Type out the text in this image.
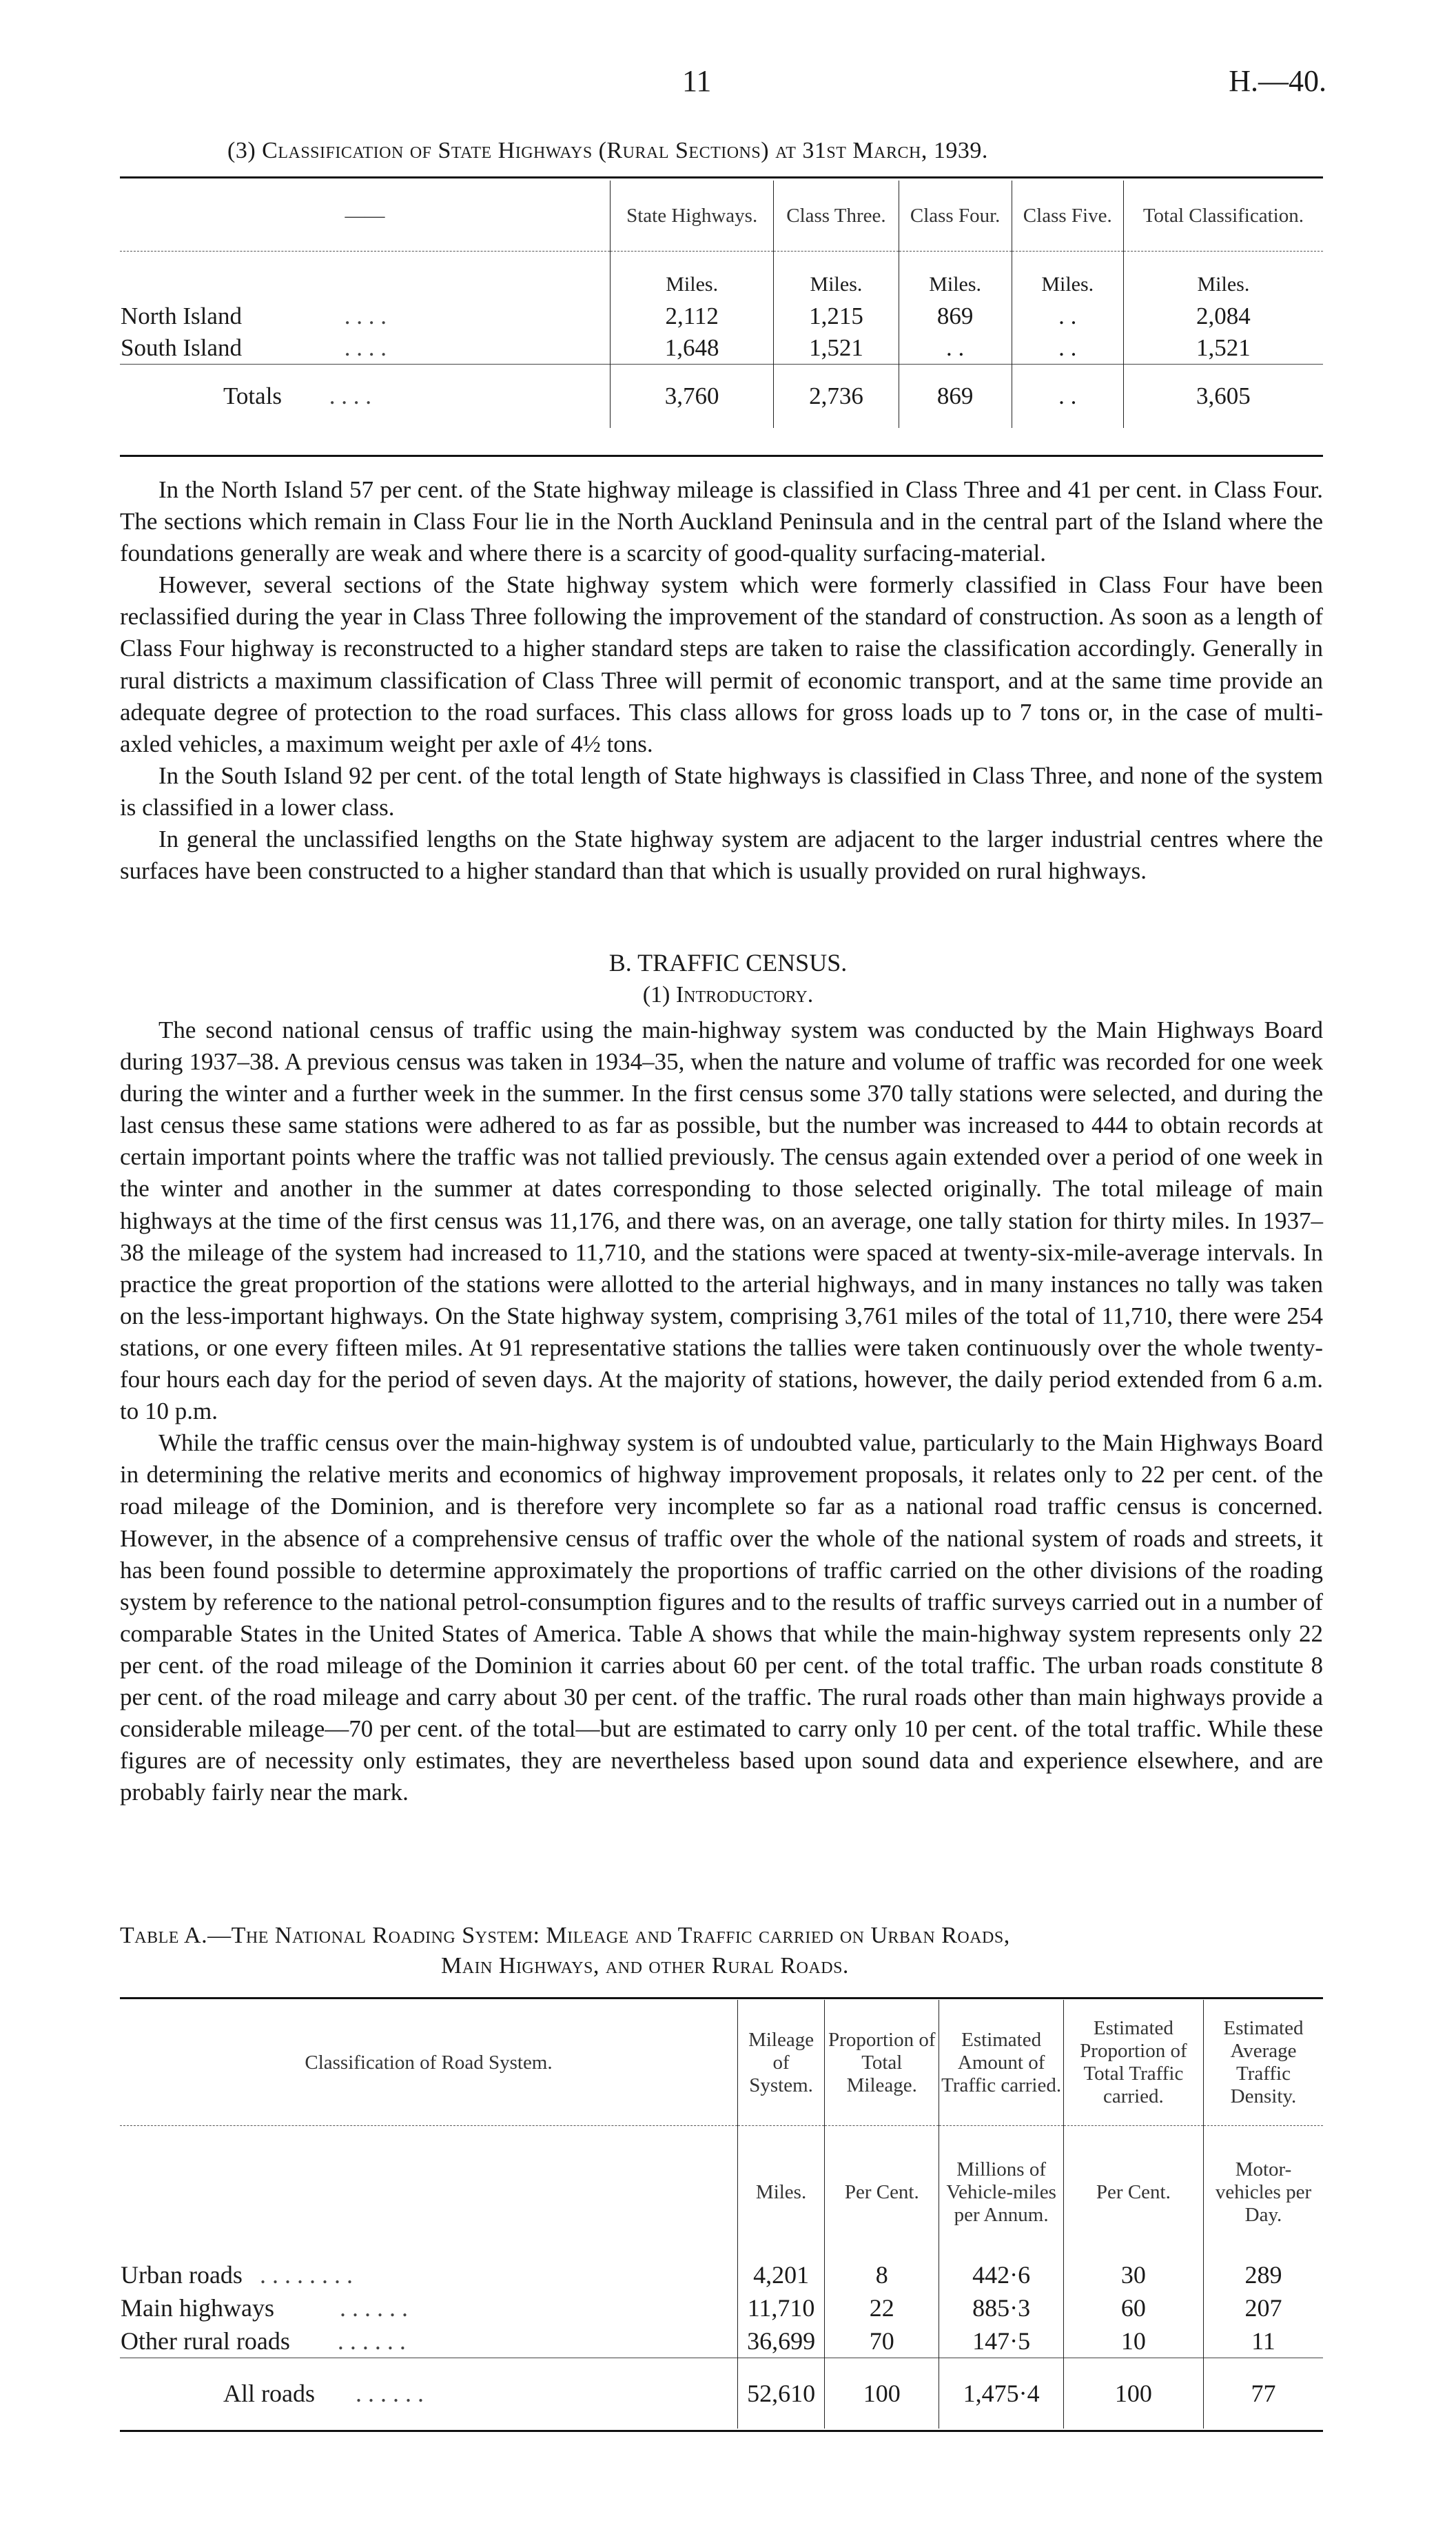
11	H.—40.
(3) Classification of State Highways (Rural Sections) at 31st March, 1939.
——	State Highways.	Class Three.	Class Four.	Class Five.	Total Classification.
	Miles.	Miles.	Miles.	Miles.	Miles.
North Island . . . .	2,112	1,215	869	. .	2,084
South Island . . . .	1,648	1,521	. .	. .	1,521
Totals . . . .	3,760	2,736	869	. .	3,605

In the North Island 57 per cent. of the State highway mileage is classified in Class Three and 41 per cent. in Class Four. The sections which remain in Class Four lie in the North Auckland Peninsula and in the central part of the Island where the foundations generally are weak and where there is a scarcity of good-quality surfacing-material.

However, several sections of the State highway system which were formerly classified in Class Four have been reclassified during the year in Class Three following the improvement of the standard of construction. As soon as a length of Class Four highway is reconstructed to a higher standard steps are taken to raise the classification accordingly. Generally in rural districts a maximum classification of Class Three will permit of economic transport, and at the same time provide an adequate degree of protection to the road surfaces. This class allows for gross loads up to 7 tons or, in the case of multi-axled vehicles, a maximum weight per axle of 4½ tons.

In the South Island 92 per cent. of the total length of State highways is classified in Class Three, and none of the system is classified in a lower class.

In general the unclassified lengths on the State highway system are adjacent to the larger industrial centres where the surfaces have been constructed to a higher standard than that which is usually provided on rural highways.

B. TRAFFIC CENSUS.
(1) Introductory.

The second national census of traffic using the main-highway system was conducted by the Main Highways Board during 1937–38. A previous census was taken in 1934–35, when the nature and volume of traffic was recorded for one week during the winter and a further week in the summer. In the first census some 370 tally stations were selected, and during the last census these same stations were adhered to as far as possible, but the number was increased to 444 to obtain records at certain important points where the traffic was not tallied previously. The census again extended over a period of one week in the winter and another in the summer at dates corresponding to those selected originally. The total mileage of main highways at the time of the first census was 11,176, and there was, on an average, one tally station for thirty miles. In 1937–38 the mileage of the system had increased to 11,710, and the stations were spaced at twenty-six-mile-average intervals. In practice the great proportion of the stations were allotted to the arterial highways, and in many instances no tally was taken on the less-important highways. On the State highway system, comprising 3,761 miles of the total of 11,710, there were 254 stations, or one every fifteen miles. At 91 representative stations the tallies were taken continuously over the whole twenty-four hours each day for the period of seven days. At the majority of stations, however, the daily period extended from 6 a.m. to 10 p.m.

While the traffic census over the main-highway system is of undoubted value, particularly to the Main Highways Board in determining the relative merits and economics of highway improvement proposals, it relates only to 22 per cent. of the road mileage of the Dominion, and is therefore very incomplete so far as a national road traffic census is concerned. However, in the absence of a comprehensive census of traffic over the whole of the national system of roads and streets, it has been found possible to determine approximately the proportions of traffic carried on the other divisions of the roading system by reference to the national petrol-consumption figures and to the results of traffic surveys carried out in a number of comparable States in the United States of America. Table A shows that while the main-highway system represents only 22 per cent. of the road mileage of the Dominion it carries about 60 per cent. of the total traffic. The urban roads constitute 8 per cent. of the road mileage and carry about 30 per cent. of the traffic. The rural roads other than main highways provide a considerable mileage—70 per cent. of the total—but are estimated to carry only 10 per cent. of the total traffic. While these figures are of necessity only estimates, they are nevertheless based upon sound data and experience elsewhere, and are probably fairly near the mark.

Table A.—The National Roading System: Mileage and Traffic carried on Urban Roads,
Main Highways, and other Rural Roads.
Classification of Road System.	Mileage of System.	Proportion of Total Mileage.	Estimated Amount of Traffic carried.	Estimated Proportion of Total Traffic carried.	Estimated Average Traffic Density.
	Miles.	Per Cent.	Millions of Vehicle-miles per Annum.	Per Cent.	Motor-vehicles per Day.
Urban roads . . . . . . . .	4,201	8	442·6	30	289
Main highways . . . . . .	11,710	22	885·3	60	207
Other rural roads . . . . . .	36,699	70	147·5	10	11
All roads . . . . . .	52,610	100	1,475·4	100	77
